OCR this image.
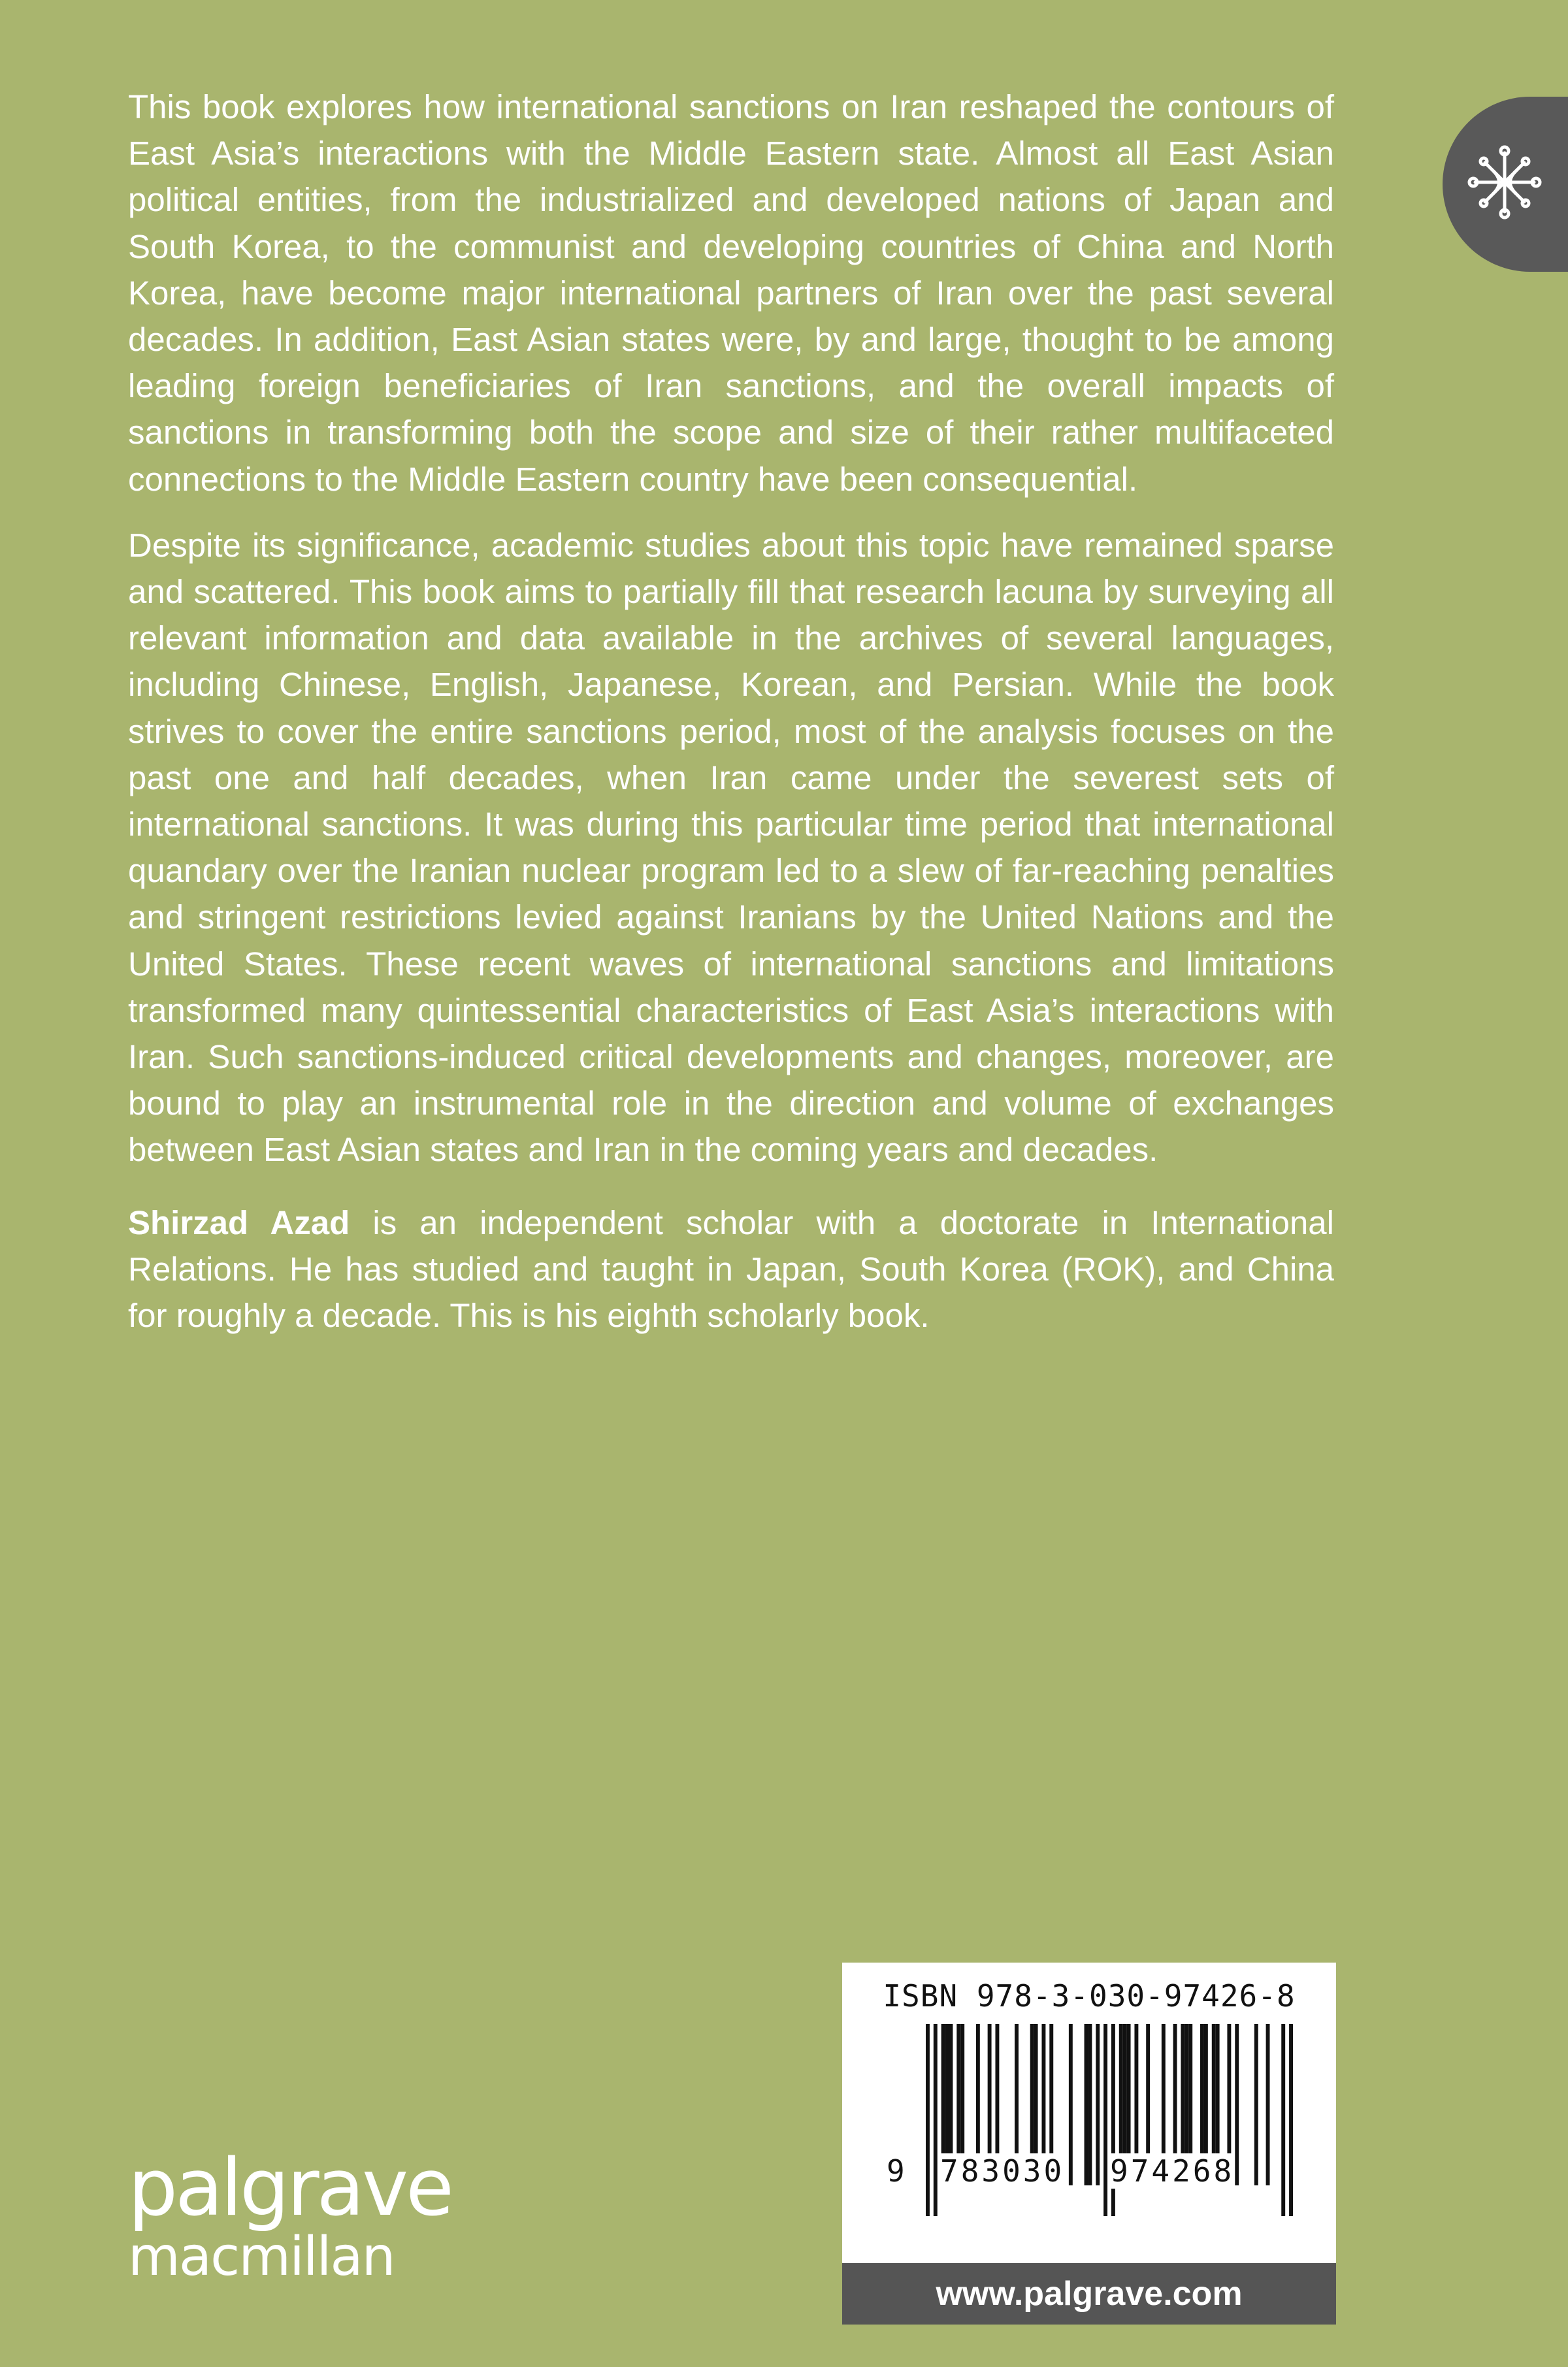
This book explores how international sanctions on Iran reshaped the contours of East Asia’s interactions with the Middle Eastern state. Almost all East Asian political entities, from the industrialized and developed nations of Japan and South Korea, to the communist and developing countries of China and North Korea, have become major international partners of Iran over the past several decades. In addition, East Asian states were, by and large, thought to be among leading foreign beneficiaries of Iran sanctions, and the overall impacts of sanctions in transforming both the scope and size of their rather multifaceted connections to the Middle Eastern country have been consequential.

Despite its significance, academic studies about this topic have remained sparse and scattered. This book aims to partially fill that research lacuna by surveying all relevant information and data available in the archives of several languages, including Chinese, English, Japanese, Korean, and Persian. While the book strives to cover the entire sanctions period, most of the analysis focuses on the past one and half decades, when Iran came under the severest sets of international sanctions. It was during this particular time period that international quandary over the Iranian nuclear program led to a slew of far-reaching penalties and stringent restrictions levied against Iranians by the United Nations and the United States. These recent waves of international sanctions and limitations transformed many quintessential characteristics of East Asia’s interactions with Iran. Such sanctions-induced critical developments and changes, moreover, are bound to play an instrumental role in the direction and volume of exchanges between East Asian states and Iran in the coming years and decades.

Shirzad Azad is an independent scholar with a doctorate in International Relations. He has studied and taught in Japan, South Korea (ROK), and China for roughly a decade. This is his eighth scholarly book.

palgrave
macmillan
ISBN 978-3-030-97426-8
9 783030 974268
www.palgrave.com
